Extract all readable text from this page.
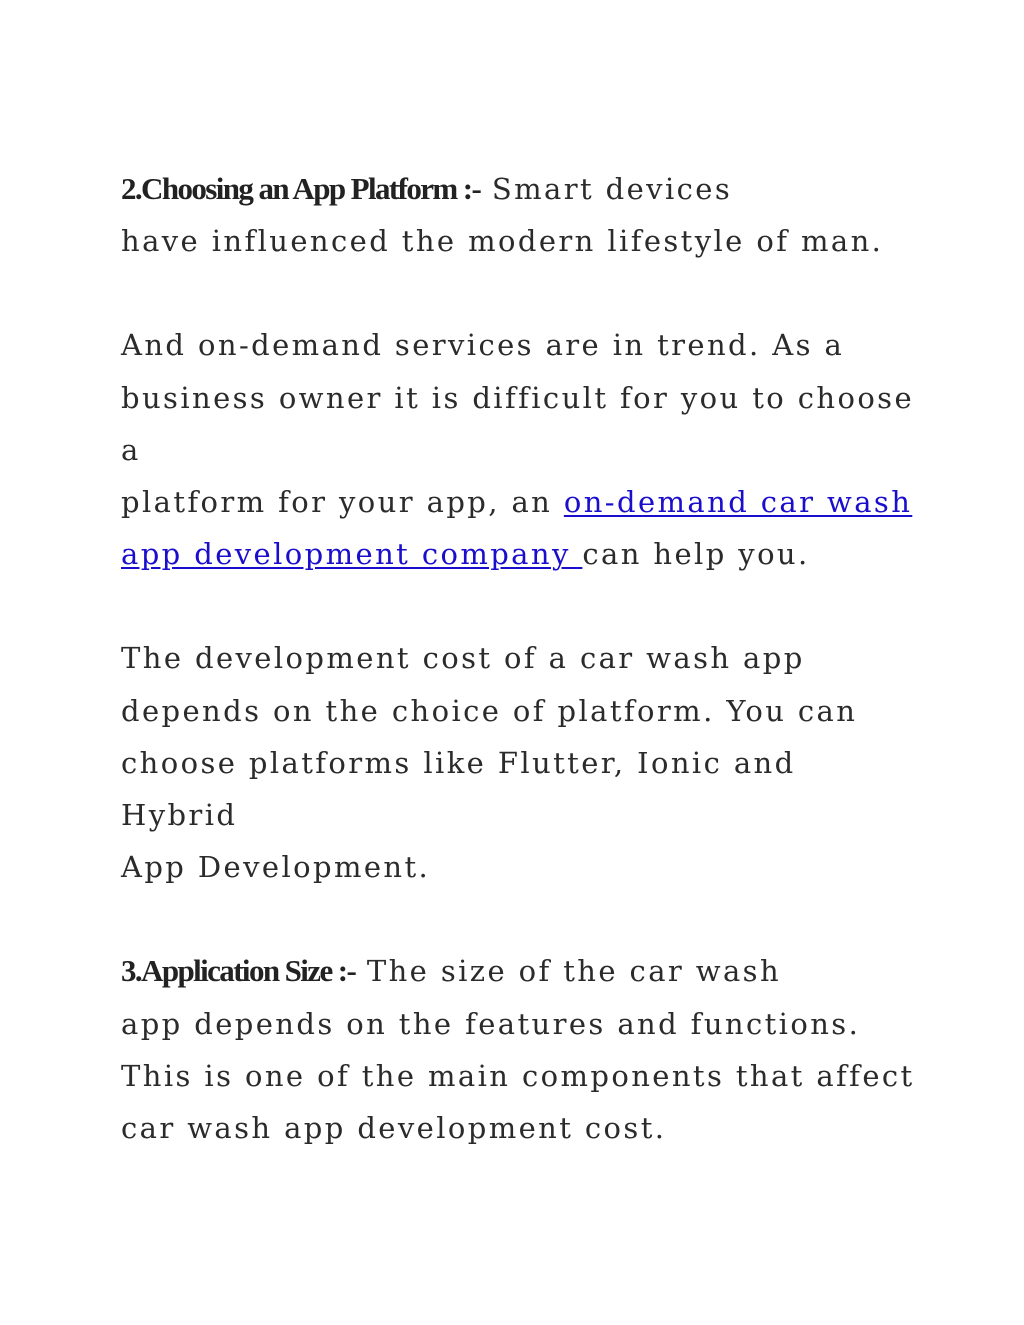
2.Choosing an App Platform :- Smart devices
have influenced the modern lifestyle of man.

And on-demand services are in trend. As a
business owner it is difficult for you to choose a
platform for your app, an on-demand car wash
app development company can help you.

The development cost of a car wash app
depends on the choice of platform. You can
choose platforms like Flutter, Ionic and Hybrid
App Development.

3.Application Size :- The size of the car wash
app depends on the features and functions.
This is one of the main components that affect
car wash app development cost.
